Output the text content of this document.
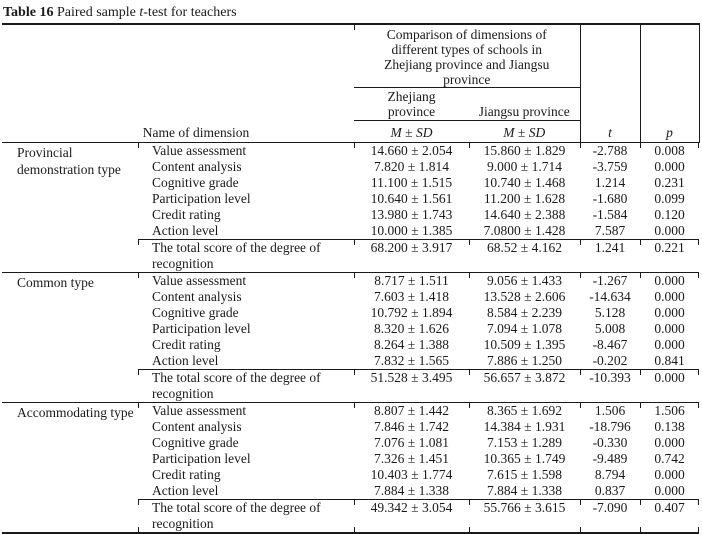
Table 16 Paired sample t-test for teachers
		Comparison of dimensions of different types of schools in Zhejiang province and Jiangsu province		t	p
		Zhejiang province	Jiangsu province		
Name of dimension		M ± SD	M ± SD		
Provincial demonstration type	Value assessment	14.660 ± 2.054	15.860 ± 1.829	-2.788	0.008
	Content analysis	7.820 ± 1.814	9.000 ± 1.714	-3.759	0.000
	Cognitive grade	11.100 ± 1.515	10.740 ± 1.468	1.214	0.231
	Participation level	10.640 ± 1.561	11.200 ± 1.628	-1.680	0.099
	Credit rating	13.980 ± 1.743	14.640 ± 2.388	-1.584	0.120
	Action level	10.000 ± 1.385	7.0800 ± 1.428	7.587	0.000
	The total score of the degree of recognition	68.200 ± 3.917	68.52 ± 4.162	1.241	0.221
Common type	Value assessment	8.717 ± 1.511	9.056 ± 1.433	-1.267	0.000
	Content analysis	7.603 ± 1.418	13.528 ± 2.606	-14.634	0.000
	Cognitive grade	10.792 ± 1.894	8.584 ± 2.239	5.128	0.000
	Participation level	8.320 ± 1.626	7.094 ± 1.078	5.008	0.000
	Credit rating	8.264 ± 1.388	10.509 ± 1.395	-8.467	0.000
	Action level	7.832 ± 1.565	7.886 ± 1.250	-0.202	0.841
	The total score of the degree of recognition	51.528 ± 3.495	56.657 ± 3.872	-10.393	0.000
Accommodating type	Value assessment	8.807 ± 1.442	8.365 ± 1.692	1.506	1.506
	Content analysis	7.846 ± 1.742	14.384 ± 1.931	-18.796	0.138
	Cognitive grade	7.076 ± 1.081	7.153 ± 1.289	-0.330	0.000
	Participation level	7.326 ± 1.451	10.365 ± 1.749	-9.489	0.742
	Credit rating	10.403 ± 1.774	7.615 ± 1.598	8.794	0.000
	Action level	7.884 ± 1.338	7.884 ± 1.338	0.837	0.000
	The total score of the degree of recognition	49.342 ± 3.054	55.766 ± 3.615	-7.090	0.407
